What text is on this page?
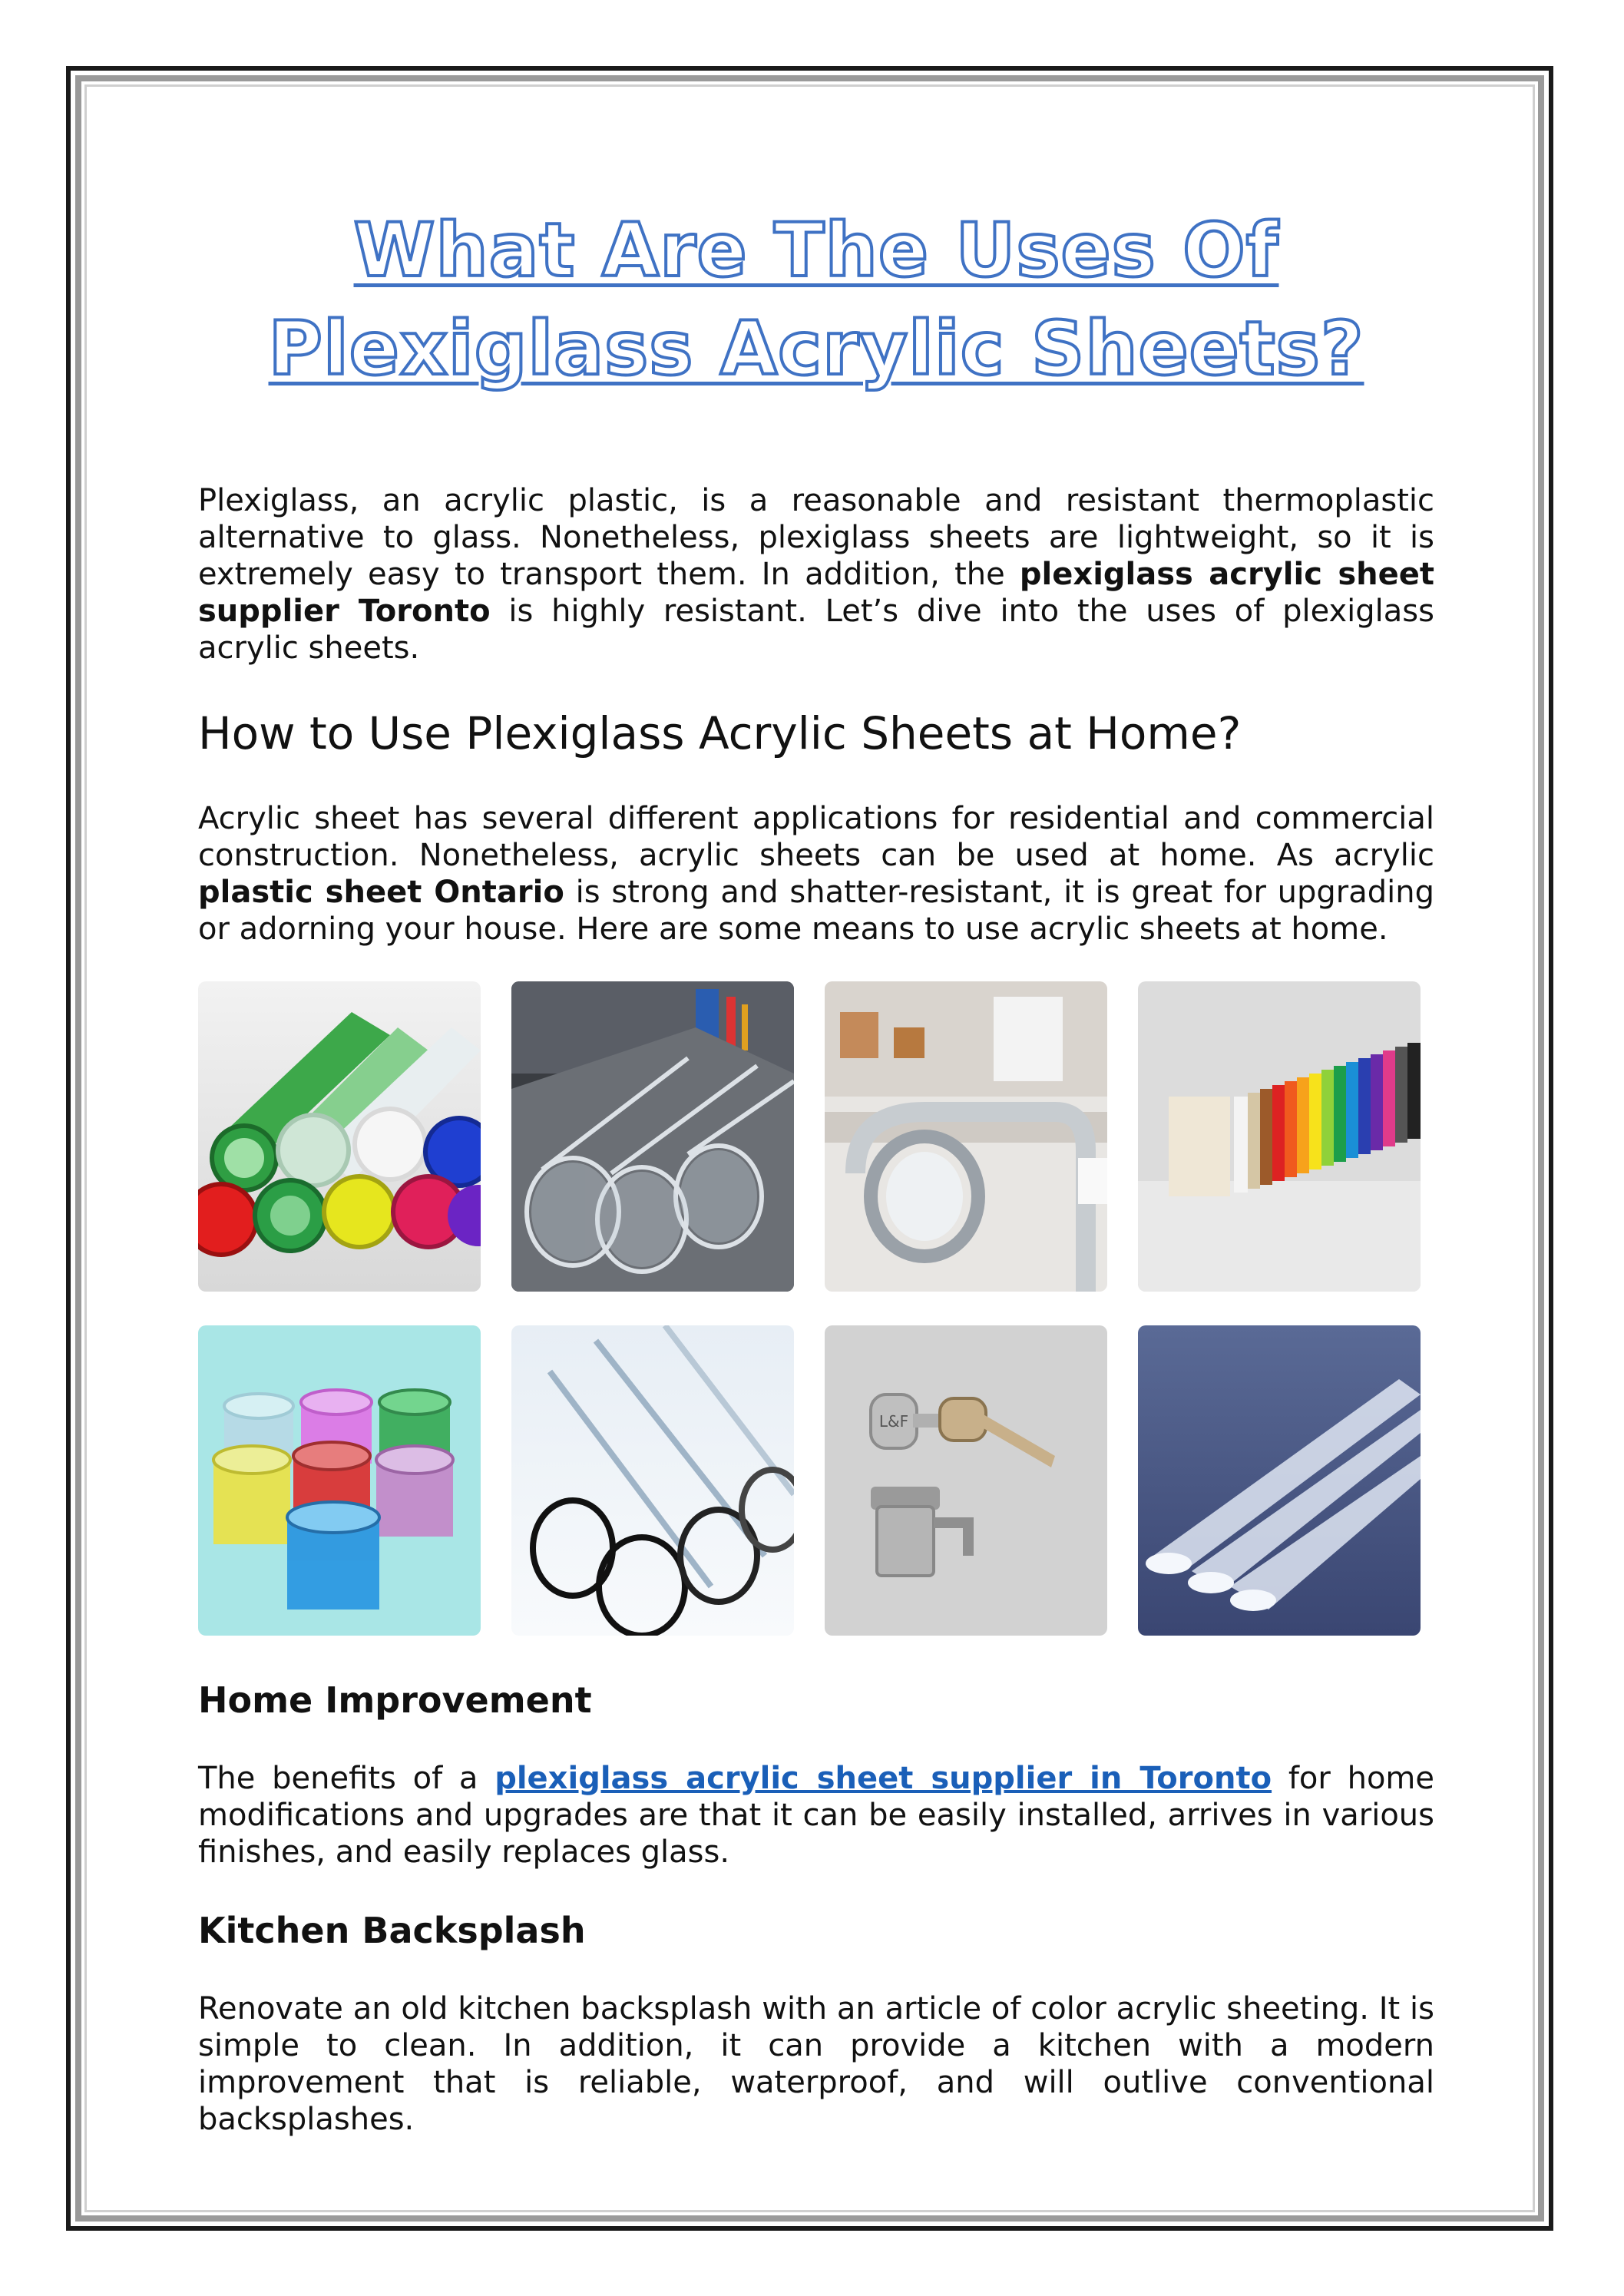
What Are The Uses Of
Plexiglass Acrylic Sheets?

Plexiglass, an acrylic plastic, is a reasonable and resistant thermoplastic alternative to glass. Nonetheless, plexiglass sheets are lightweight, so it is extremely easy to transport them. In addition, the plexiglass acrylic sheet supplier Toronto is highly resistant. Let’s dive into the uses of plexiglass acrylic sheets.

How to Use Plexiglass Acrylic Sheets at Home?

Acrylic sheet has several different applications for residential and commercial construction. Nonetheless, acrylic sheets can be used at home. As acrylic plastic sheet Ontario is strong and shatter-resistant, it is great for upgrading or adorning your house. Here are some means to use acrylic sheets at home.

L&F
Home Improvement

The benefits of a plexiglass acrylic sheet supplier in Toronto for home modifications and upgrades are that it can be easily installed, arrives in various finishes, and easily replaces glass.

Kitchen Backsplash

Renovate an old kitchen backsplash with an article of color acrylic sheeting. It is simple to clean. In addition, it can provide a kitchen with a modern improvement that is reliable, waterproof, and will outlive conventional backsplashes.
